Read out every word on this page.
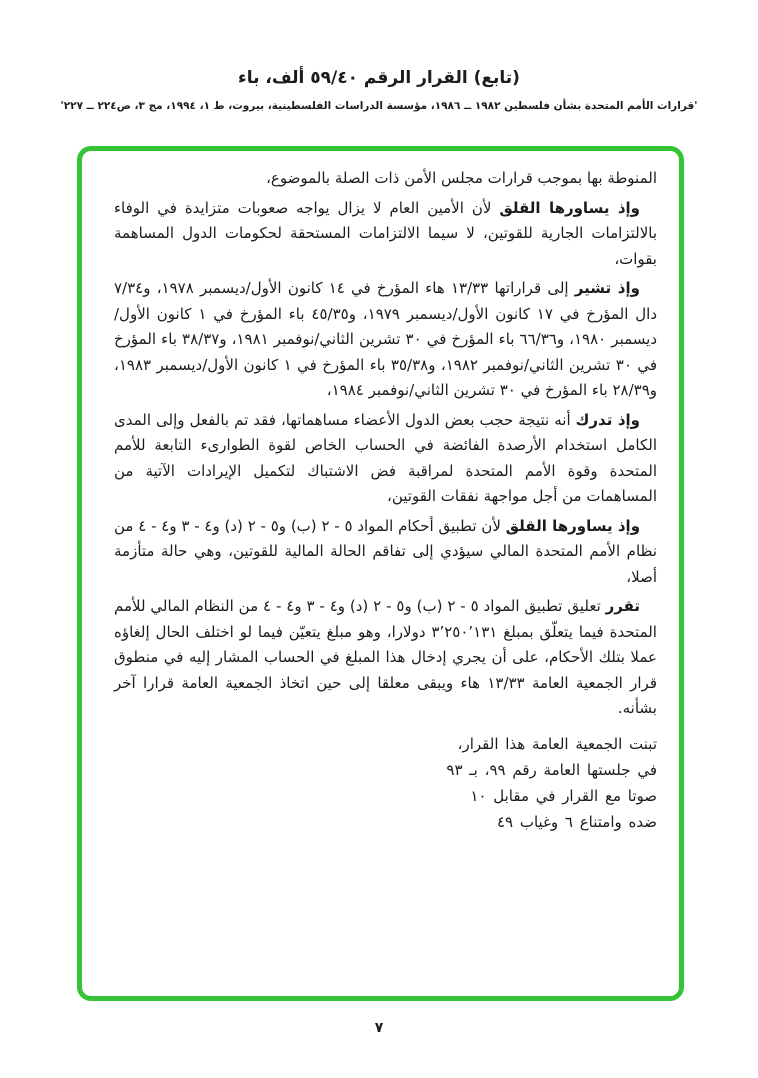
(تابع) القرار الرقم ٥٩/٤٠ ألف، باء
'قرارات الأمم المتحدة بشأن فلسطين ١٩٨٢ ــ ١٩٨٦، مؤسسة الدراسات الفلسطينية، بيروت، ط ١، ١٩٩٤، مج ٣، ص٢٢٤ ــ ٢٢٧'

المنوطة بها بموجب قرارات مجلس الأمن ذات الصلة بالموضوع،

وإذ يساورها القلق لأن الأمين العام لا يزال يواجه صعوبات متزايدة في الوفاء بالالتزامات الجارية للقوتين، لا سيما الالتزامات المستحقة لحكومات الدول المساهمة بقوات،

وإذ تشير إلى قراراتها ١٣/٣٣ هاء المؤرخ في ١٤ كانون الأول/ديسمبر ١٩٧٨، و٧/٣٤ دال المؤرخ في ١٧ كانون الأول/ديسمبر ١٩٧٩، و٤٥/٣٥ باء المؤرخ في ١ كانون الأول/ديسمبر ١٩٨٠، و٦٦/٣٦ باء المؤرخ في ٣٠ تشرين الثاني/نوفمبر ١٩٨١، و٣٨/٣٧ باء المؤرخ في ٣٠ تشرين الثاني/نوفمبر ١٩٨٢، و٣٥/٣٨ باء المؤرخ في ١ كانون الأول/ديسمبر ١٩٨٣، و٢٨/٣٩ باء المؤرخ في ٣٠ تشرين الثاني/نوفمبر ١٩٨٤،

وإذ تدرك أنه نتيجة حجب بعض الدول الأعضاء مساهماتها، فقد تم بالفعل وإلى المدى الكامل استخدام الأرصدة الفائضة في الحساب الخاص لقوة الطوارىء التابعة للأمم المتحدة وقوة الأمم المتحدة لمراقبة فض الاشتباك لتكميل الإيرادات الآتية من المساهمات من أجل مواجهة نفقات القوتين،

وإذ يساورها القلق لأن تطبيق أحكام المواد ٥ - ٢ (ب) و٥ - ٢ (د) و٤ - ٣ و٤ - ٤ من نظام الأمم المتحدة المالي سيؤدي إلى تفاقم الحالة المالية للقوتين، وهي حالة متأزمة أصلا،

تقرر تعليق تطبيق المواد ٥ - ٢ (ب) و٥ - ٢ (د) و٤ - ٣ و٤ - ٤ من النظام المالي للأمم المتحدة فيما يتعلّق بمبلغ ٣٬٢٥٠٬١٣١ دولارا، وهو مبلغ يتعيّن فيما لو اختلف الحال إلغاؤه عملا بتلك الأحكام، على أن يجري إدخال هذا المبلغ في الحساب المشار إليه في منطوق قرار الجمعية العامة ١٣/٣٣ هاء ويبقى معلقا إلى حين اتخاذ الجمعية العامة قرارا آخر بشأنه.

تبنت الجمعية العامة هذا القرار،
في جلستها العامة رقم ٩٩، بـ ٩٣
صوتا مع القرار في مقابل ١٠
ضده وامتناع ٦ وغياب ٤٩
٧
